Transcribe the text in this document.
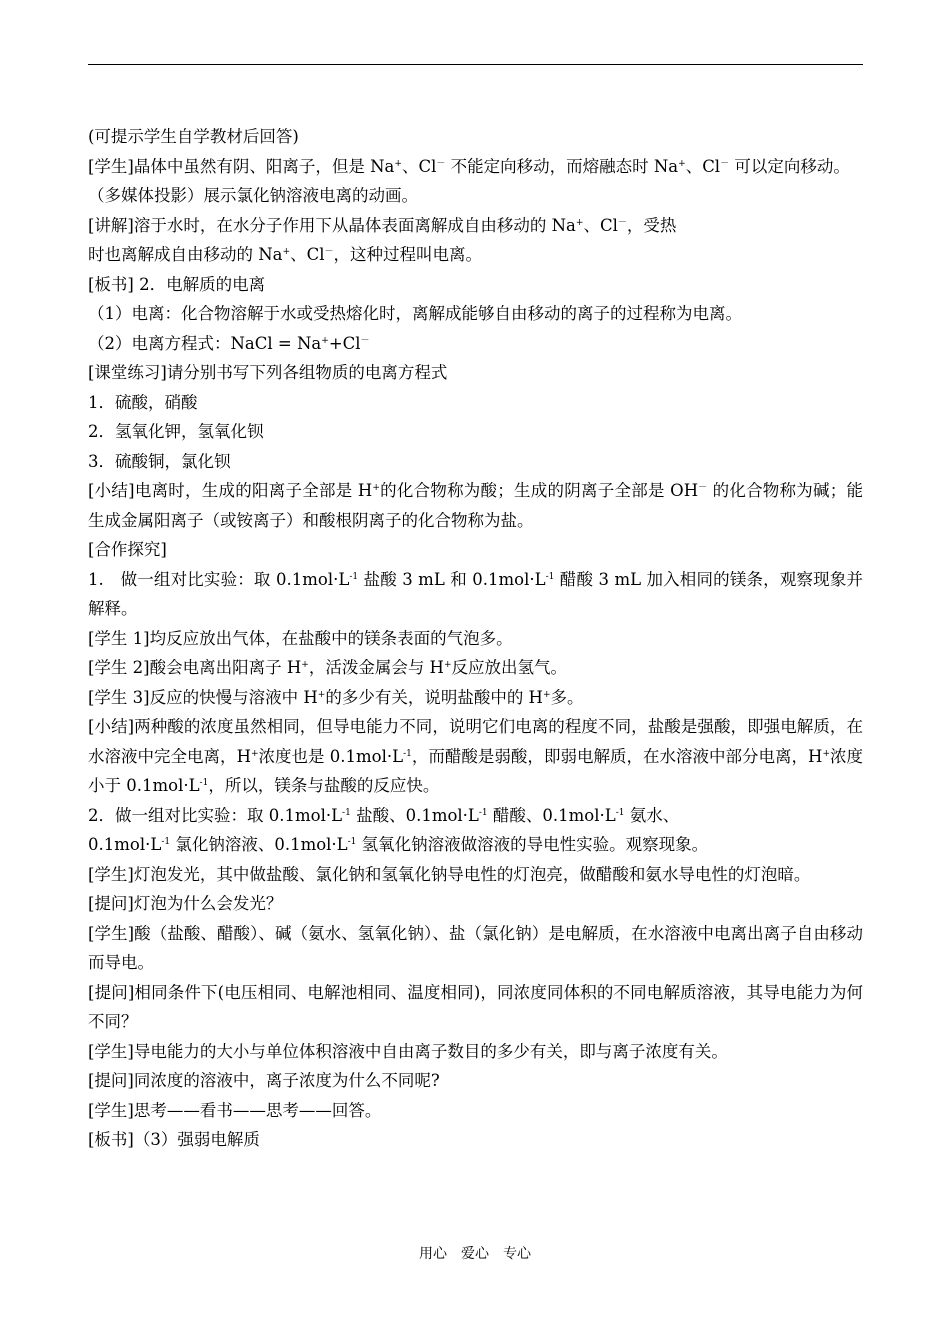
(可提示学生自学教材后回答)

[学生]晶体中虽然有阴、阳离子，但是 Na+、Cl－ 不能定向移动，而熔融态时 Na+、Cl－ 可以定向移动。

（多媒体投影）展示氯化钠溶液电离的动画。

[讲解]溶于水时，在水分子作用下从晶体表面离解成自由移动的 Na+、Cl－，受热

时也离解成自由移动的 Na+、Cl－，这种过程叫电离。

[板书] 2．电解质的电离

（1）电离：化合物溶解于水或受热熔化时，离解成能够自由移动的离子的过程称为电离。

（2）电离方程式：NaCl = Na++Cl－

[课堂练习]请分别书写下列各组物质的电离方程式

1．硫酸，硝酸

2．氢氧化钾，氢氧化钡

3．硫酸铜，氯化钡

[小结]电离时，生成的阳离子全部是 H+的化合物称为酸；生成的阴离子全部是 OH－ 的化合物称为碱；能生成金属阳离子（或铵离子）和酸根阴离子的化合物称为盐。

[合作探究]

1.　做一组对比实验：取 $0.1mol\cdot L^{-1}$ 盐酸 3 mL 和 $0.1mol\cdot L^{-1}$ 醋酸 3 mL 加入相同的镁条，观察现象并解释。

[学生 1]均反应放出气体，在盐酸中的镁条表面的气泡多。

[学生 2]酸会电离出阳离子 H+，活泼金属会与 H+反应放出氢气。

[学生 3]反应的快慢与溶液中 H+的多少有关，说明盐酸中的 H+多。

[小结]两种酸的浓度虽然相同，但导电能力不同，说明它们电离的程度不同，盐酸是强酸，即强电解质，在水溶液中完全电离，H+浓度也是 $0.1mol\cdot L^{-1}$，而醋酸是弱酸，即弱电解质，在水溶液中部分电离，H+浓度小于 $0.1mol\cdot L^{-1}$，所以，镁条与盐酸的反应快。

2．做一组对比实验：取 $0.1mol\cdot L^{-1}$ 盐酸、$0.1mol\cdot L^{-1}$ 醋酸、$0.1mol\cdot L^{-1}$ 氨水、

$0.1mol\cdot L^{-1}$ 氯化钠溶液、$0.1mol\cdot L^{-1}$ 氢氧化钠溶液做溶液的导电性实验。观察现象。

[学生]灯泡发光，其中做盐酸、氯化钠和氢氧化钠导电性的灯泡亮，做醋酸和氨水导电性的灯泡暗。

[提问]灯泡为什么会发光？

[学生]酸（盐酸、醋酸）、碱（氨水、氢氧化钠）、盐（氯化钠）是电解质，在水溶液中电离出离子自由移动而导电。

[提问]相同条件下(电压相同、电解池相同、温度相同)，同浓度同体积的不同电解质溶液，其导电能力为何不同？

[学生]导电能力的大小与单位体积溶液中自由离子数目的多少有关，即与离子浓度有关。

[提问]同浓度的溶液中，离子浓度为什么不同呢?

[学生]思考——看书——思考——回答。

[板书]（3）强弱电解质

用心　爱心　专心
